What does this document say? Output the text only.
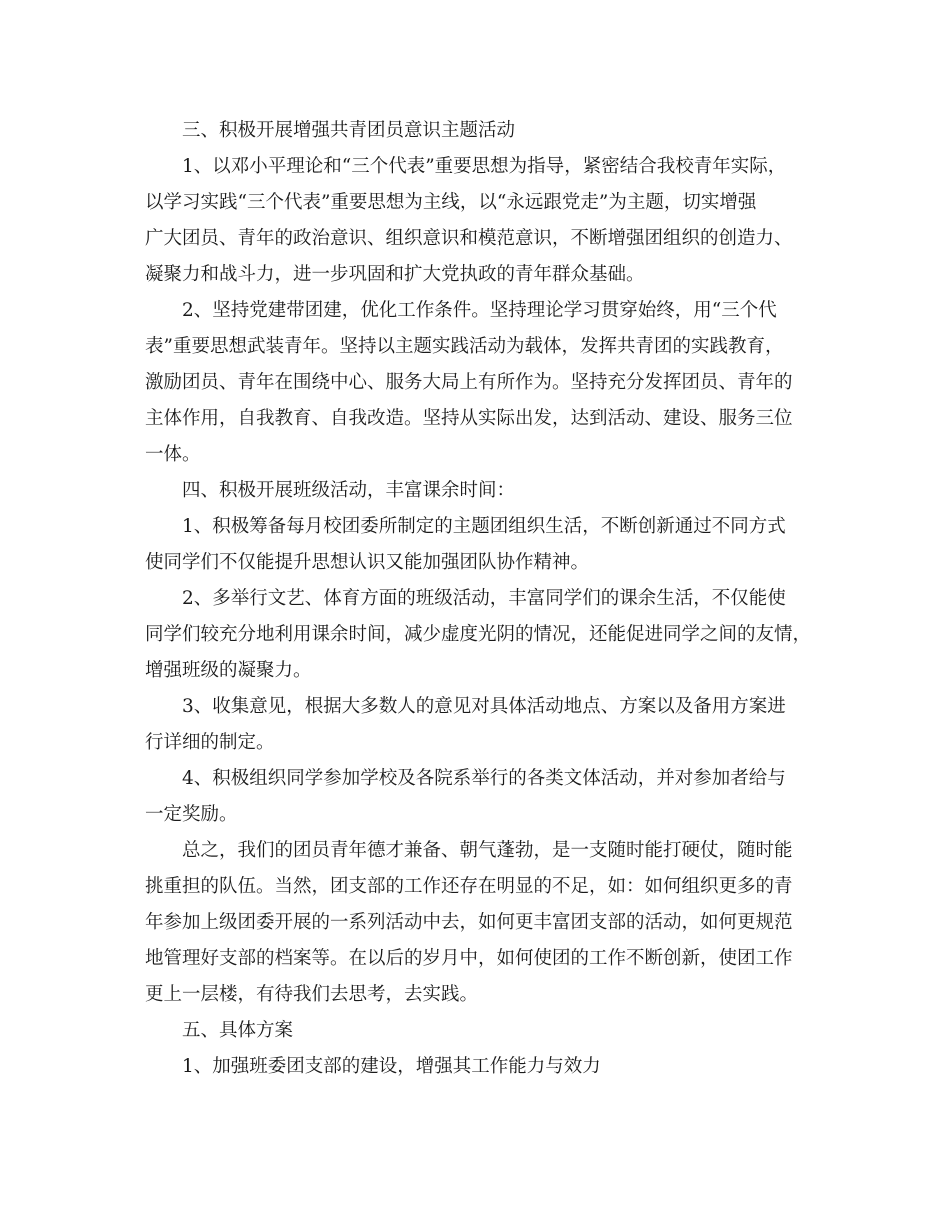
三、积极开展增强共青团员意识主题活动
1、以邓小平理论和“三个代表”重要思想为指导，紧密结合我校青年实际，
以学习实践“三个代表”重要思想为主线，以“永远跟党走”为主题，切实增强
广大团员、青年的政治意识、组织意识和模范意识，不断增强团组织的创造力、
凝聚力和战斗力，进一步巩固和扩大党执政的青年群众基础。
2、坚持党建带团建，优化工作条件。坚持理论学习贯穿始终，用“三个代
表”重要思想武装青年。坚持以主题实践活动为载体，发挥共青团的实践教育，
激励团员、青年在围绕中心、服务大局上有所作为。坚持充分发挥团员、青年的
主体作用，自我教育、自我改造。坚持从实际出发，达到活动、建设、服务三位
一体。
四、积极开展班级活动，丰富课余时间：
1、积极筹备每月校团委所制定的主题团组织生活，不断创新通过不同方式
使同学们不仅能提升思想认识又能加强团队协作精神。
2、多举行文艺、体育方面的班级活动，丰富同学们的课余生活，不仅能使
同学们较充分地利用课余时间，减少虚度光阴的情况，还能促进同学之间的友情，
增强班级的凝聚力。
3、收集意见，根据大多数人的意见对具体活动地点、方案以及备用方案进
行详细的制定。
4、积极组织同学参加学校及各院系举行的各类文体活动，并对参加者给与
一定奖励。
总之，我们的团员青年德才兼备、朝气蓬勃，是一支随时能打硬仗，随时能
挑重担的队伍。当然，团支部的工作还存在明显的不足，如：如何组织更多的青
年参加上级团委开展的一系列活动中去，如何更丰富团支部的活动，如何更规范
地管理好支部的档案等。在以后的岁月中，如何使团的工作不断创新，使团工作
更上一层楼，有待我们去思考，去实践。
五、具体方案
1、加强班委团支部的建设，增强其工作能力与效力
